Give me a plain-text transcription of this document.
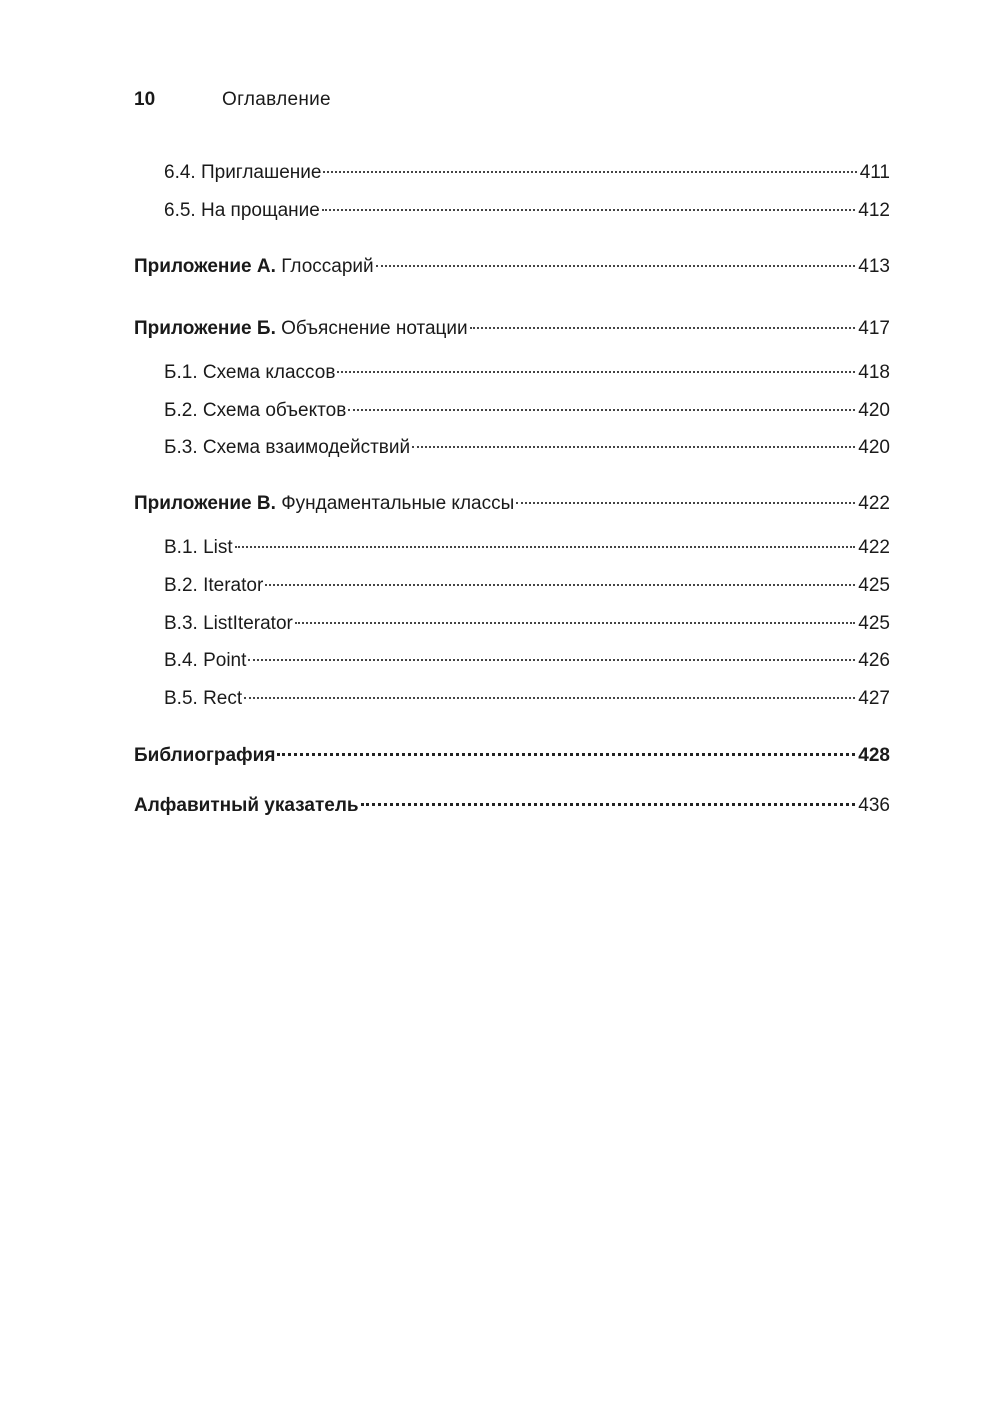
10	Оглавление
6.4. Приглашение	411
6.5. На прощание	412
Приложение А. Глоссарий	413
Приложение Б. Объяснение нотации	417
Б.1. Схема классов	418
Б.2. Схема объектов	420
Б.3. Схема взаимодействий	420
Приложение В. Фундаментальные классы	422
В.1. List	422
В.2. Iterator	425
В.3. ListIterator	425
В.4. Point	426
В.5. Rect	427
Библиография	428
Алфавитный указатель	436
